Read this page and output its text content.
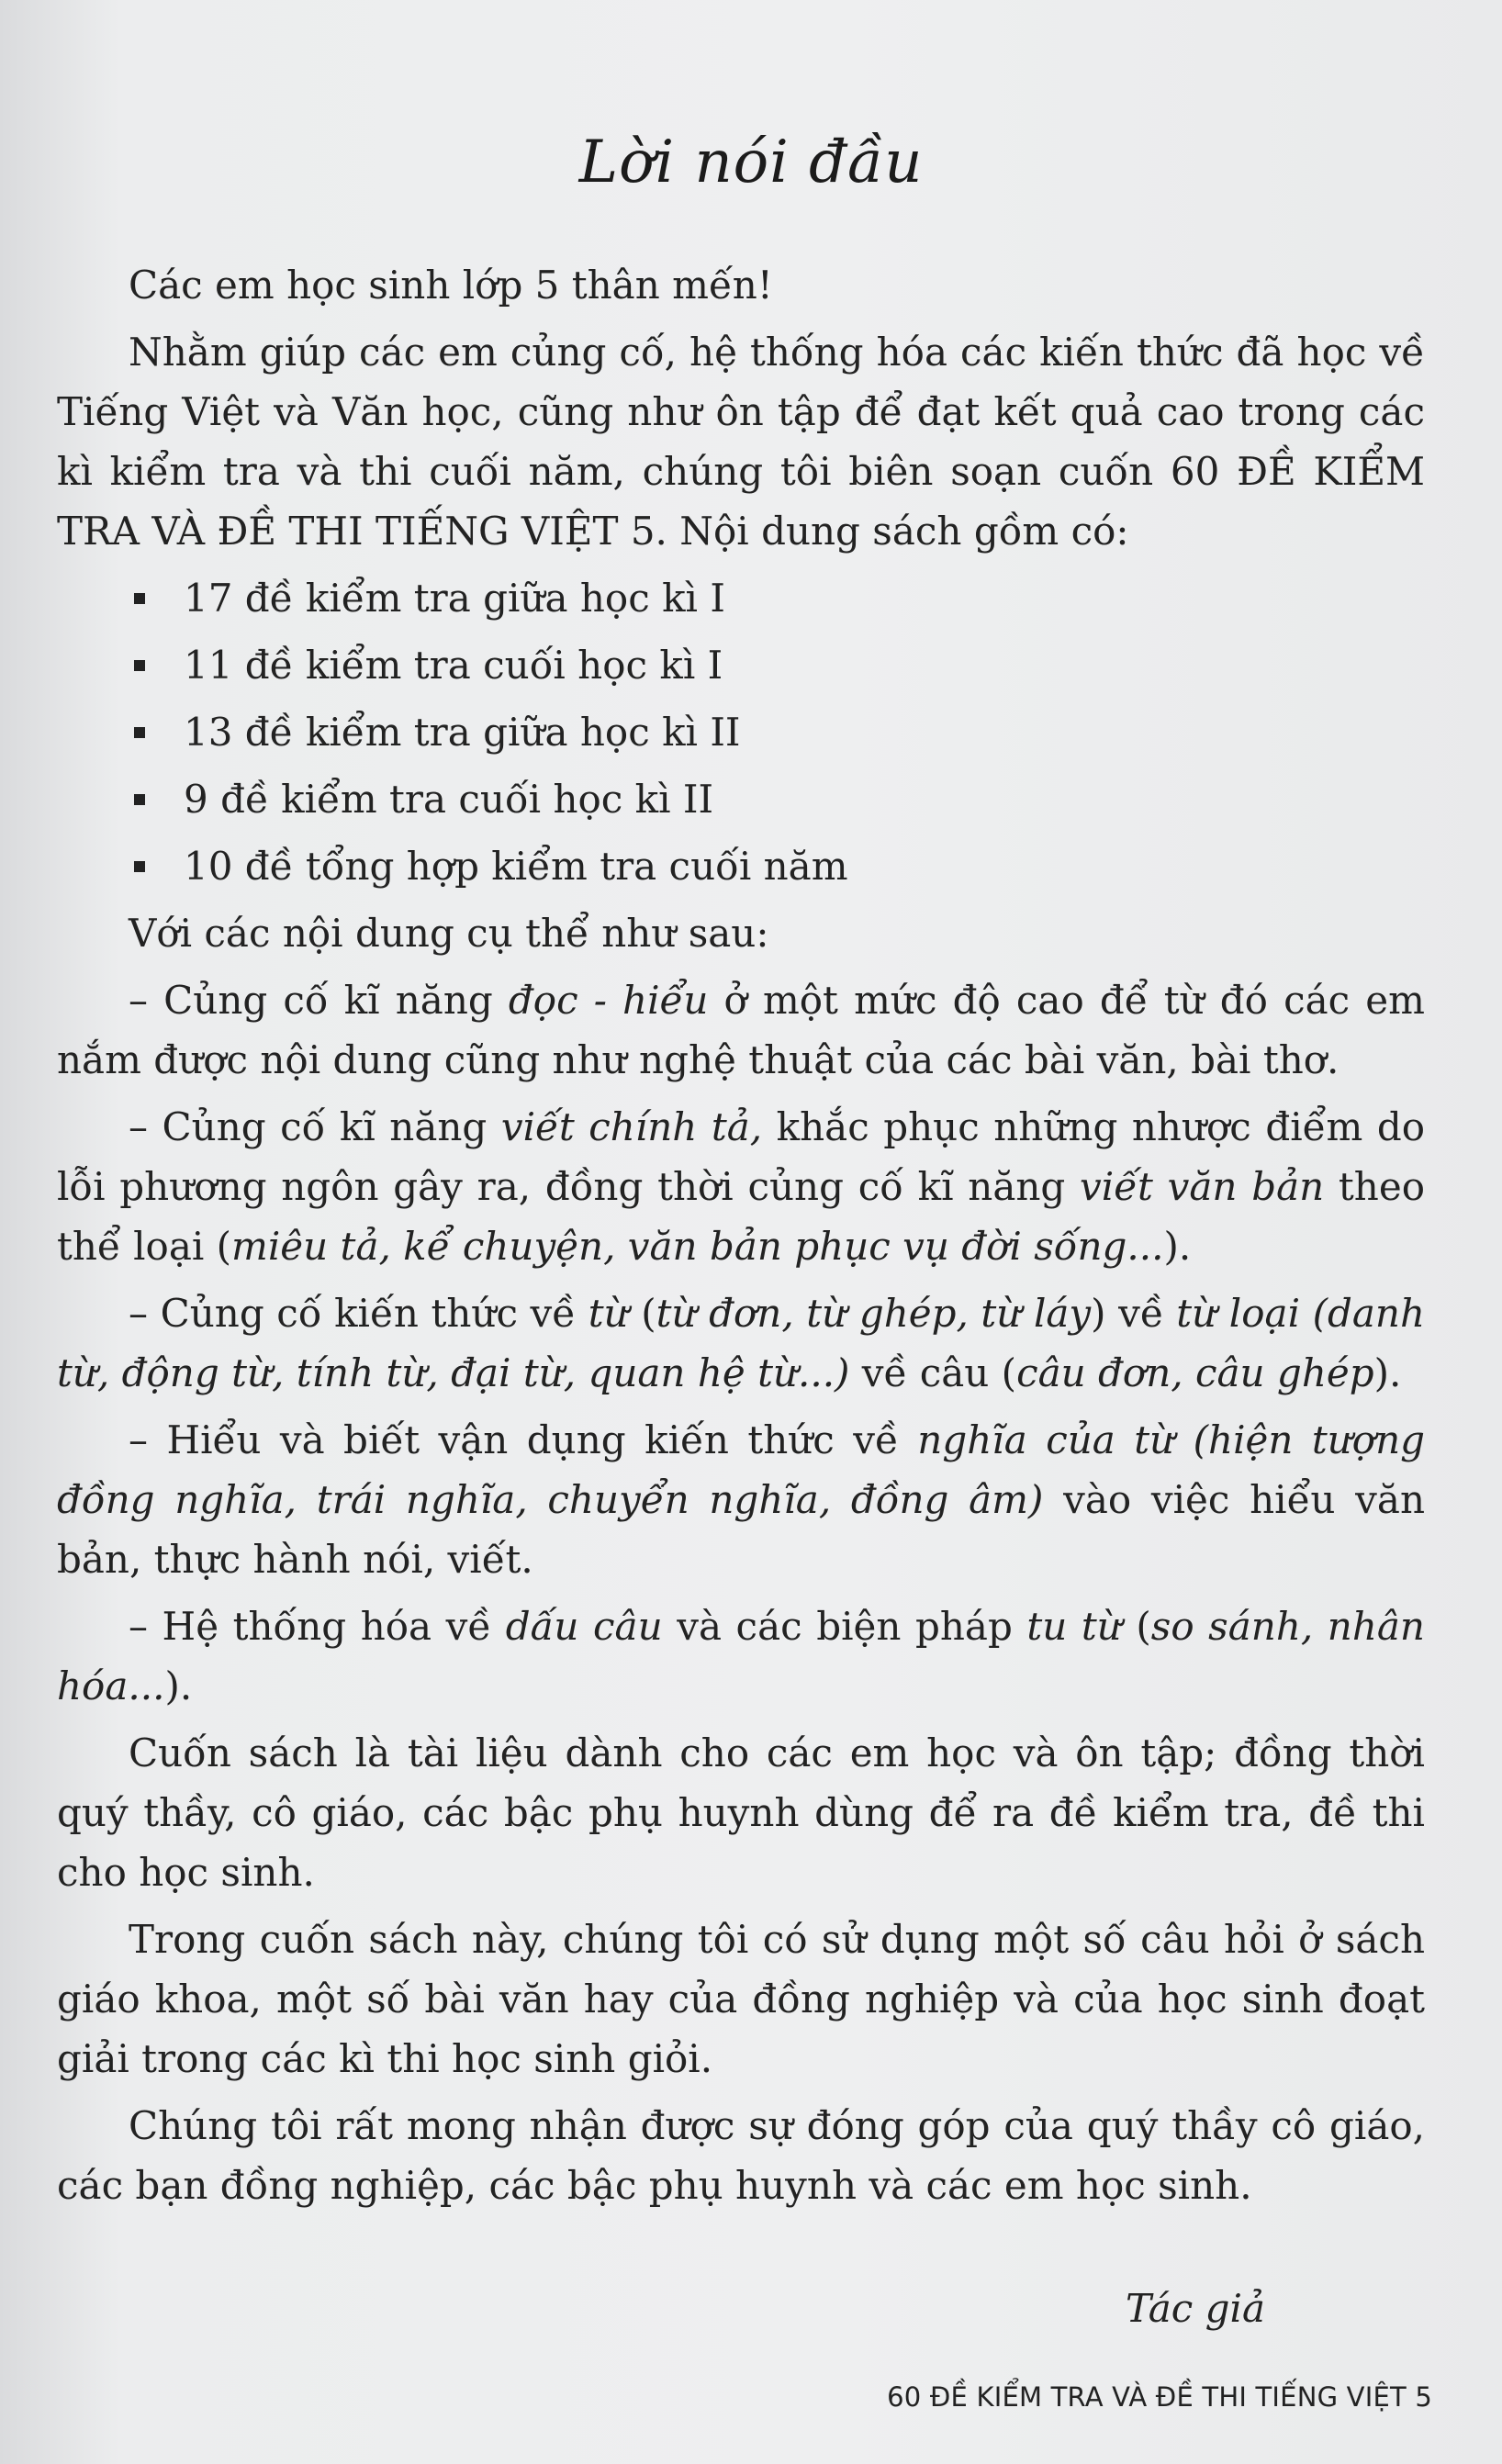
Lời nói đầu

Các em học sinh lớp 5 thân mến!

Nhằm giúp các em củng cố, hệ thống hóa các kiến thức đã học về Tiếng Việt và Văn học, cũng như ôn tập để đạt kết quả cao trong các kì kiểm tra và thi cuối năm, chúng tôi biên soạn cuốn 60 ĐỀ KIỂM TRA VÀ ĐỀ THI TIẾNG VIỆT 5. Nội dung sách gồm có:

17 đề kiểm tra giữa học kì I
11 đề kiểm tra cuối học kì I
13 đề kiểm tra giữa học kì II
9 đề kiểm tra cuối học kì II
10 đề tổng hợp kiểm tra cuối năm

Với các nội dung cụ thể như sau:

– Củng cố kĩ năng đọc - hiểu ở một mức độ cao để từ đó các em nắm được nội dung cũng như nghệ thuật của các bài văn, bài thơ.

– Củng cố kĩ năng viết chính tả, khắc phục những nhược điểm do lỗi phương ngôn gây ra, đồng thời củng cố kĩ năng viết văn bản theo thể loại (miêu tả, kể chuyện, văn bản phục vụ đời sống...).

– Củng cố kiến thức về từ (từ đơn, từ ghép, từ láy) về từ loại (danh từ, động từ, tính từ, đại từ, quan hệ từ...) về câu (câu đơn, câu ghép).

– Hiểu và biết vận dụng kiến thức về nghĩa của từ (hiện tượng đồng nghĩa, trái nghĩa, chuyển nghĩa, đồng âm) vào việc hiểu văn bản, thực hành nói, viết.

– Hệ thống hóa về dấu câu và các biện pháp tu từ (so sánh, nhân hóa...).

Cuốn sách là tài liệu dành cho các em học và ôn tập; đồng thời quý thầy, cô giáo, các bậc phụ huynh dùng để ra đề kiểm tra, đề thi cho học sinh.

Trong cuốn sách này, chúng tôi có sử dụng một số câu hỏi ở sách giáo khoa, một số bài văn hay của đồng nghiệp và của học sinh đoạt giải trong các kì thi học sinh giỏi.

Chúng tôi rất mong nhận được sự đóng góp của quý thầy cô giáo, các bạn đồng nghiệp, các bậc phụ huynh và các em học sinh.

Tác giả
60 ĐỀ KIỂM TRA VÀ ĐỀ THI TIẾNG VIỆT 5
